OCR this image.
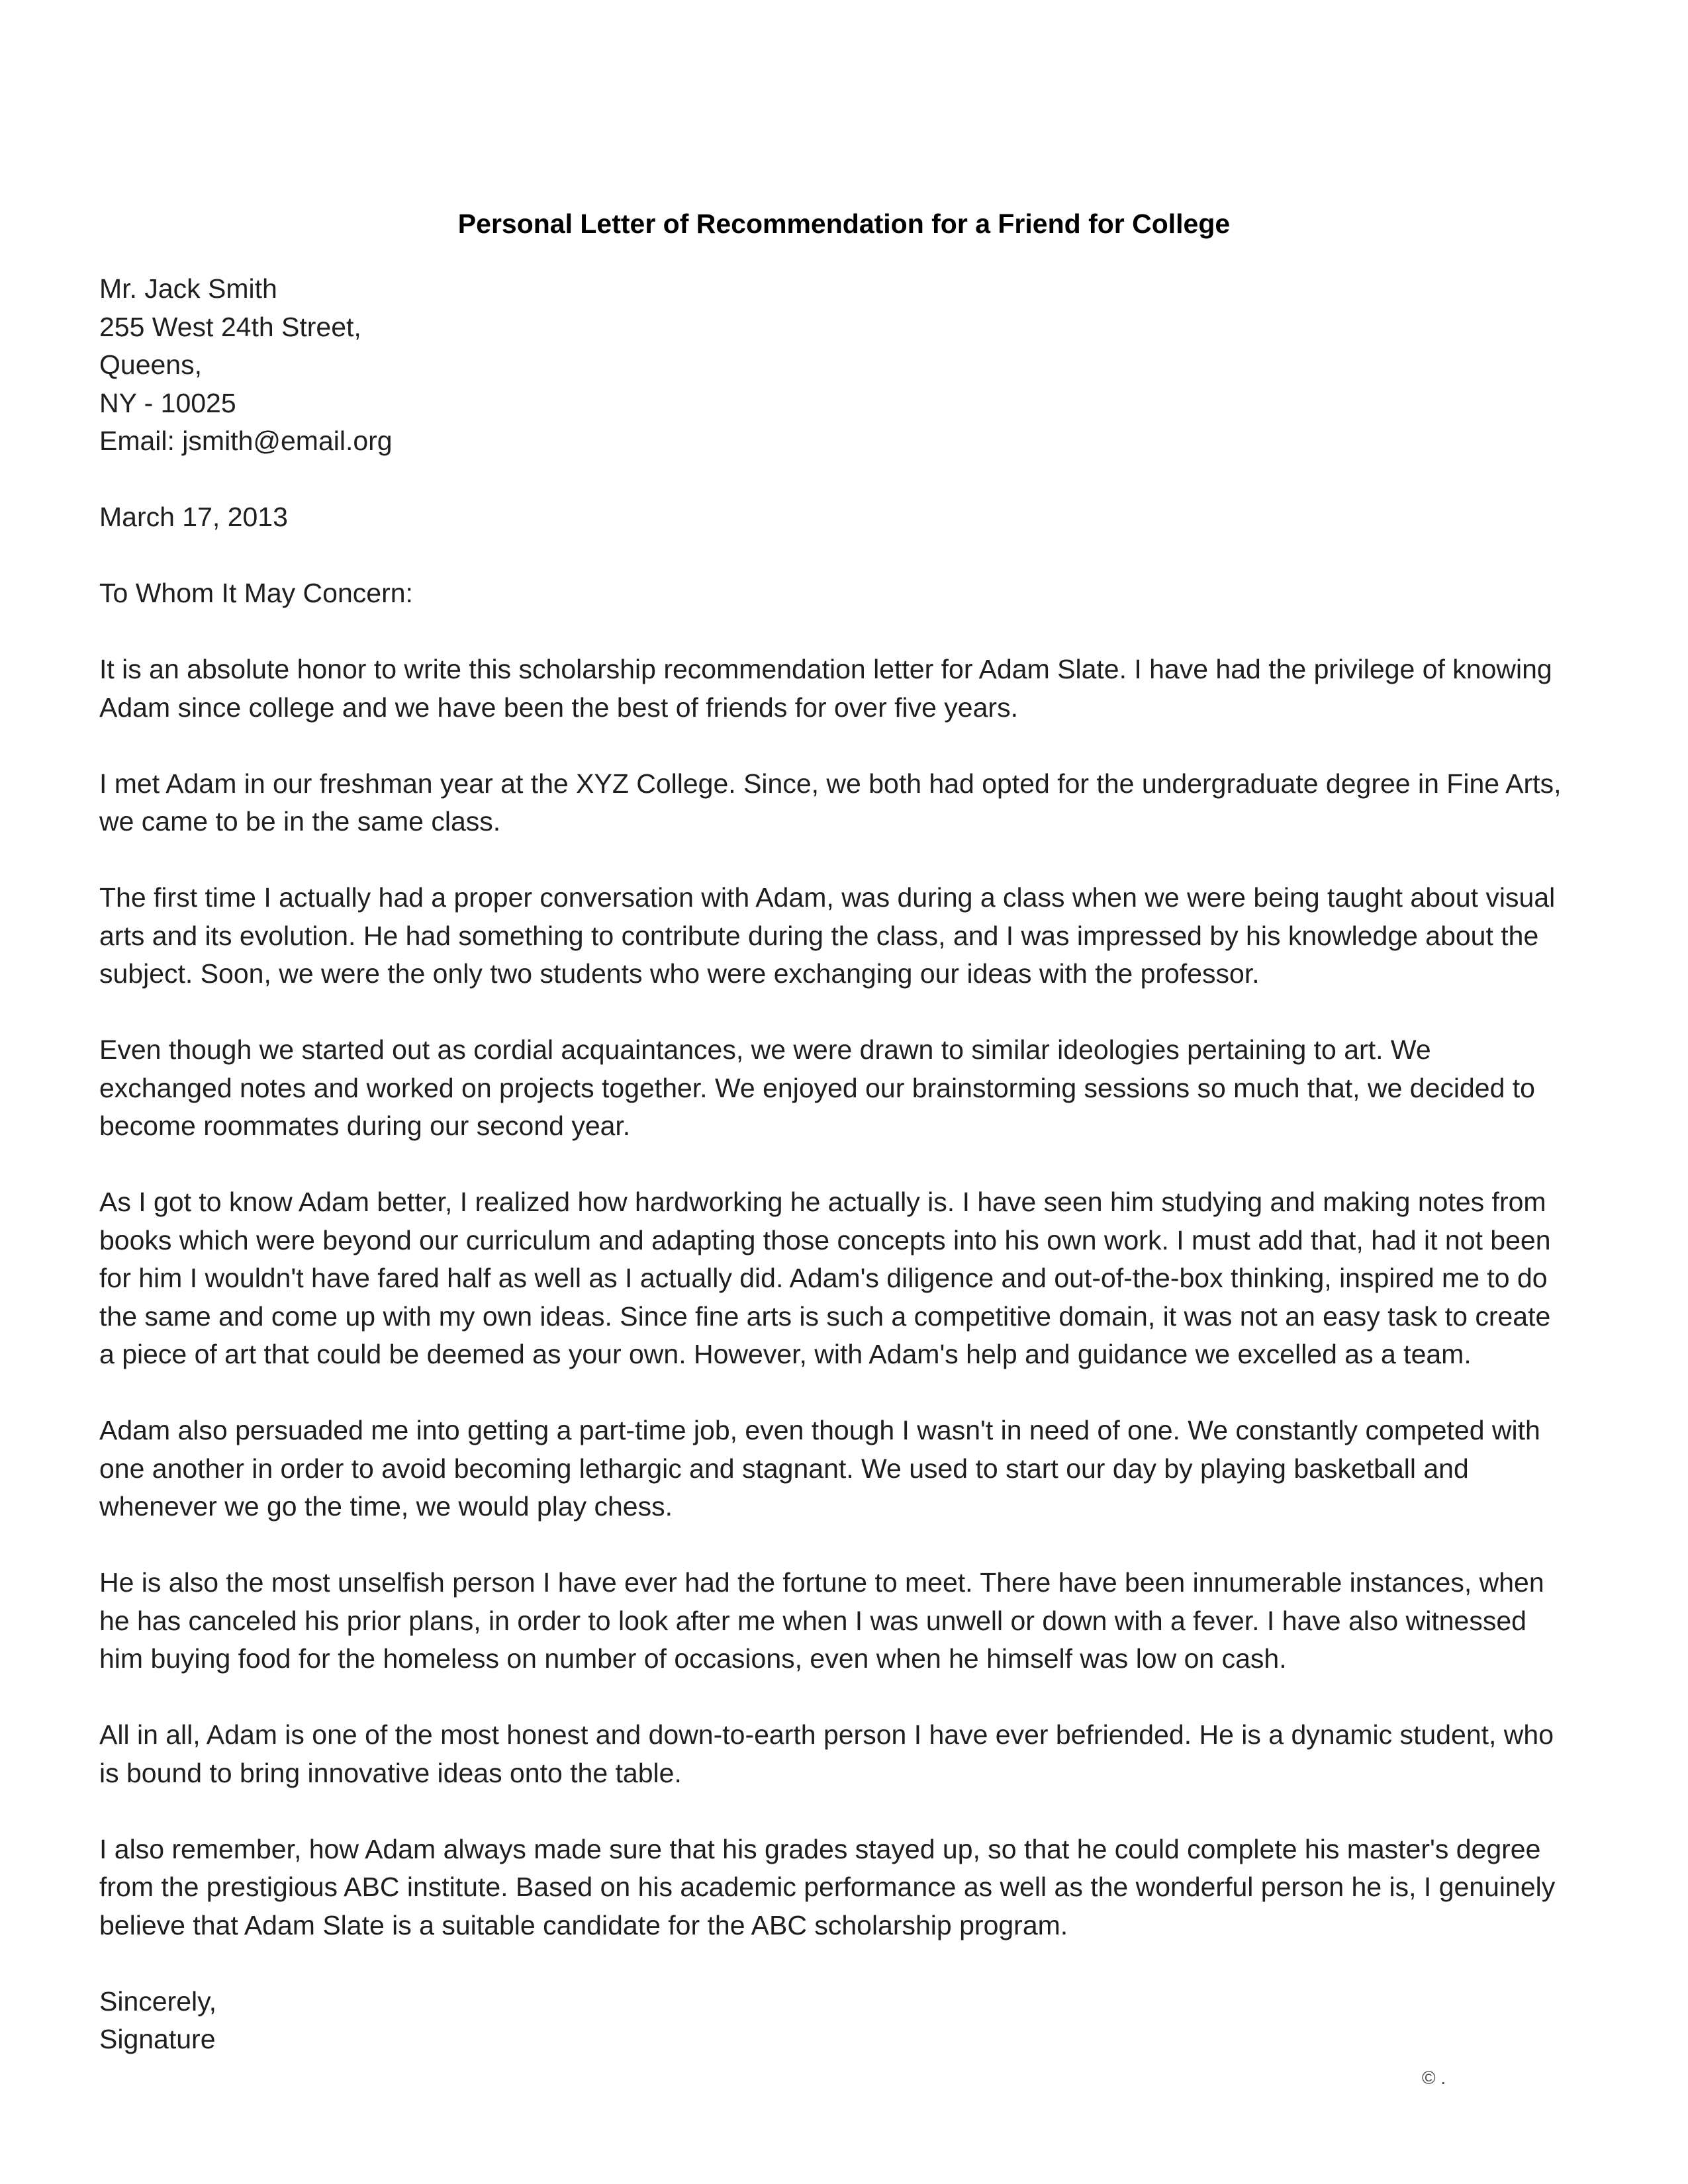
Personal Letter of Recommendation for a Friend for College
Mr. Jack Smith
255 West 24th Street,
Queens,
NY - 10025
Email: jsmith@email.org
March 17, 2013
To Whom It May Concern:
It is an absolute honor to write this scholarship recommendation letter for Adam Slate. I have had the privilege of knowing
Adam since college and we have been the best of friends for over five years.
I met Adam in our freshman year at the XYZ College. Since, we both had opted for the undergraduate degree in Fine Arts,
we came to be in the same class.
The first time I actually had a proper conversation with Adam, was during a class when we were being taught about visual
arts and its evolution. He had something to contribute during the class, and I was impressed by his knowledge about the
subject. Soon, we were the only two students who were exchanging our ideas with the professor.
Even though we started out as cordial acquaintances, we were drawn to similar ideologies pertaining to art. We
exchanged notes and worked on projects together. We enjoyed our brainstorming sessions so much that, we decided to
become roommates during our second year.
As I got to know Adam better, I realized how hardworking he actually is. I have seen him studying and making notes from
books which were beyond our curriculum and adapting those concepts into his own work. I must add that, had it not been
for him I wouldn't have fared half as well as I actually did. Adam's diligence and out-of-the-box thinking, inspired me to do
the same and come up with my own ideas. Since fine arts is such a competitive domain, it was not an easy task to create
a piece of art that could be deemed as your own. However, with Adam's help and guidance we excelled as a team.
Adam also persuaded me into getting a part-time job, even though I wasn't in need of one. We constantly competed with
one another in order to avoid becoming lethargic and stagnant. We used to start our day by playing basketball and
whenever we go the time, we would play chess.
He is also the most unselfish person I have ever had the fortune to meet. There have been innumerable instances, when
he has canceled his prior plans, in order to look after me when I was unwell or down with a fever. I have also witnessed
him buying food for the homeless on number of occasions, even when he himself was low on cash.
All in all, Adam is one of the most honest and down-to-earth person I have ever befriended. He is a dynamic student, who
is bound to bring innovative ideas onto the table.
I also remember, how Adam always made sure that his grades stayed up, so that he could complete his master's degree
from the prestigious ABC institute. Based on his academic performance as well as the wonderful person he is, I genuinely
believe that Adam Slate is a suitable candidate for the ABC scholarship program.
Sincerely,
Signature
© .
